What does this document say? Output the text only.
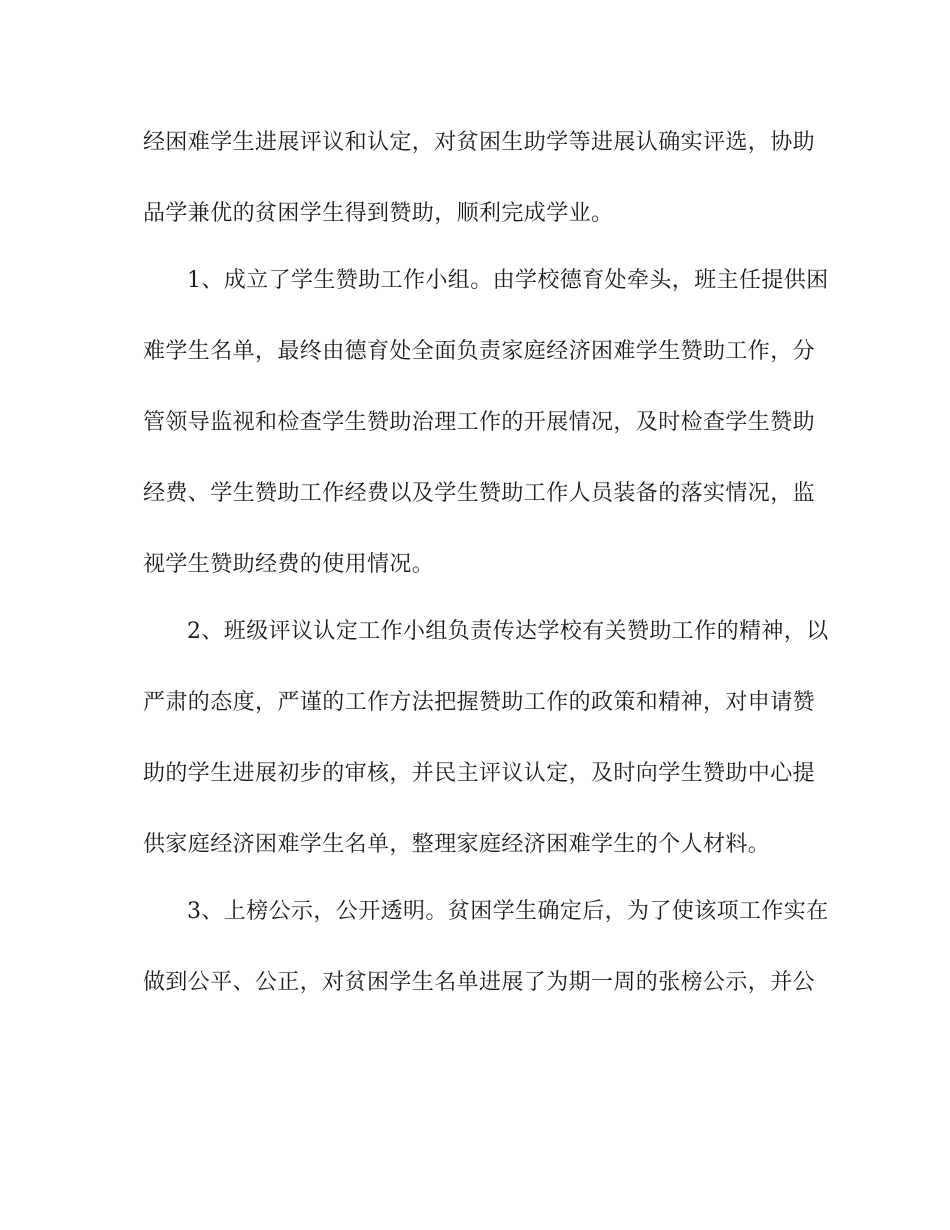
经困难学生进展评议和认定，对贫困生助学等进展认确实评选，协助
品学兼优的贫困学生得到赞助，顺利完成学业。
1、成立了学生赞助工作小组。由学校德育处牵头，班主任提供困
难学生名单，最终由德育处全面负责家庭经济困难学生赞助工作，分
管领导监视和检查学生赞助治理工作的开展情况，及时检查学生赞助
经费、学生赞助工作经费以及学生赞助工作人员装备的落实情况，监
视学生赞助经费的使用情况。
2、班级评议认定工作小组负责传达学校有关赞助工作的精神，以
严肃的态度，严谨的工作方法把握赞助工作的政策和精神，对申请赞
助的学生进展初步的审核，并民主评议认定，及时向学生赞助中心提
供家庭经济困难学生名单，整理家庭经济困难学生的个人材料。
3、上榜公示，公开透明。贫困学生确定后，为了使该项工作实在
做到公平、公正，对贫困学生名单进展了为期一周的张榜公示，并公
